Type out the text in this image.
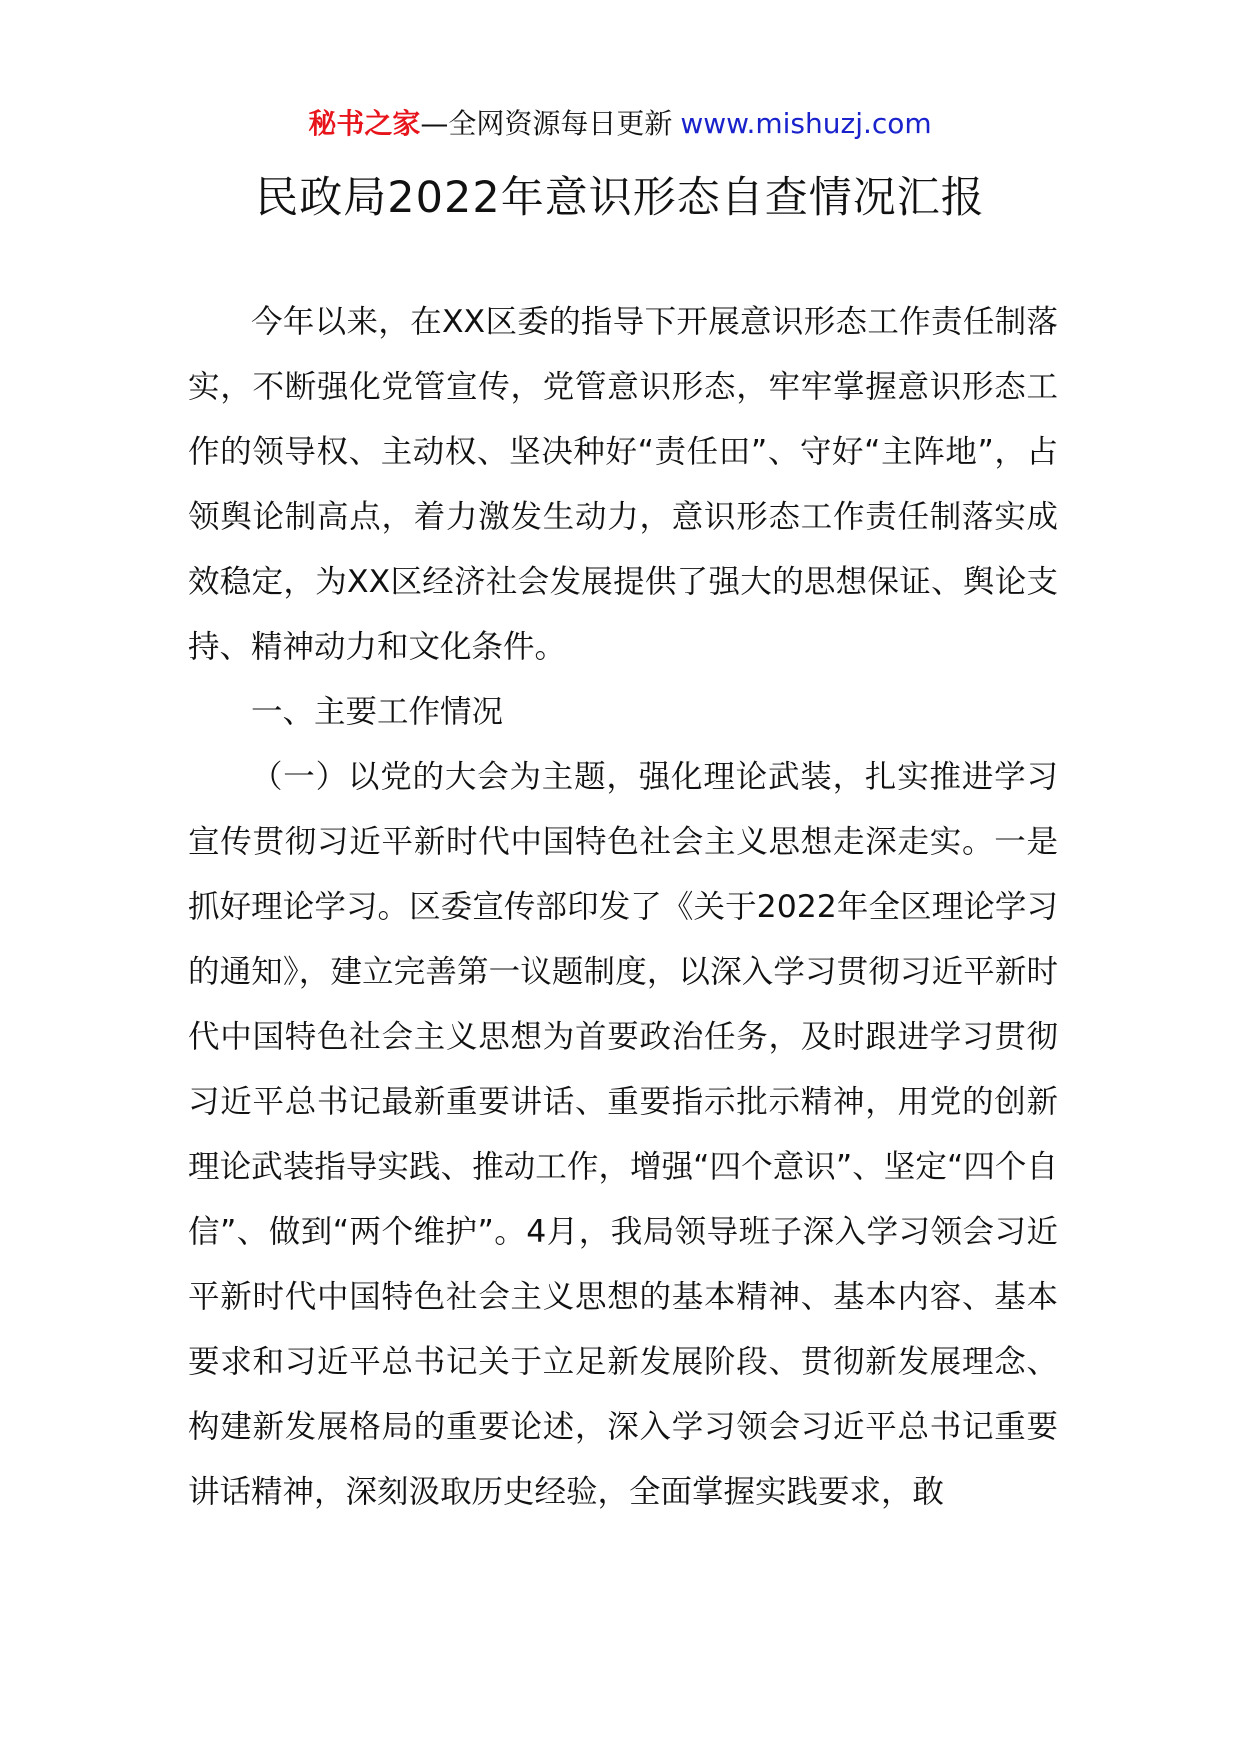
秘书之家—全网资源每日更新 www.mishuzj.com
民政局2022年意识形态自查情况汇报

今年以来，在XX区委的指导下开展意识形态工作责任制落实，不断强化党管宣传，党管意识形态，牢牢掌握意识形态工作的领导权、主动权、坚决种好“责任田”、守好“主阵地”，占领舆论制高点，着力激发生动力，意识形态工作责任制落实成效稳定，为XX区经济社会发展提供了强大的思想保证、舆论支持、精神动力和文化条件。

一、主要工作情况

（一）以党的大会为主题，强化理论武装，扎实推进学习宣传贯彻习近平新时代中国特色社会主义思想走深走实。一是抓好理论学习。区委宣传部印发了《关于2022年全区理论学习的通知》，建立完善第一议题制度，以深入学习贯彻习近平新时代中国特色社会主义思想为首要政治任务，及时跟进学习贯彻习近平总书记最新重要讲话、重要指示批示精神，用党的创新理论武装指导实践、推动工作，增强“四个意识”、坚定“四个自信”、做到“两个维护”。4月，我局领导班子深入学习领会习近平新时代中国特色社会主义思想的基本精神、基本内容、基本要求和习近平总书记关于立足新发展阶段、贯彻新发展理念、构建新发展格局的重要论述，深入学习领会习近平总书记重要讲话精神，深刻汲取历史经验，全面掌握实践要求，敢
